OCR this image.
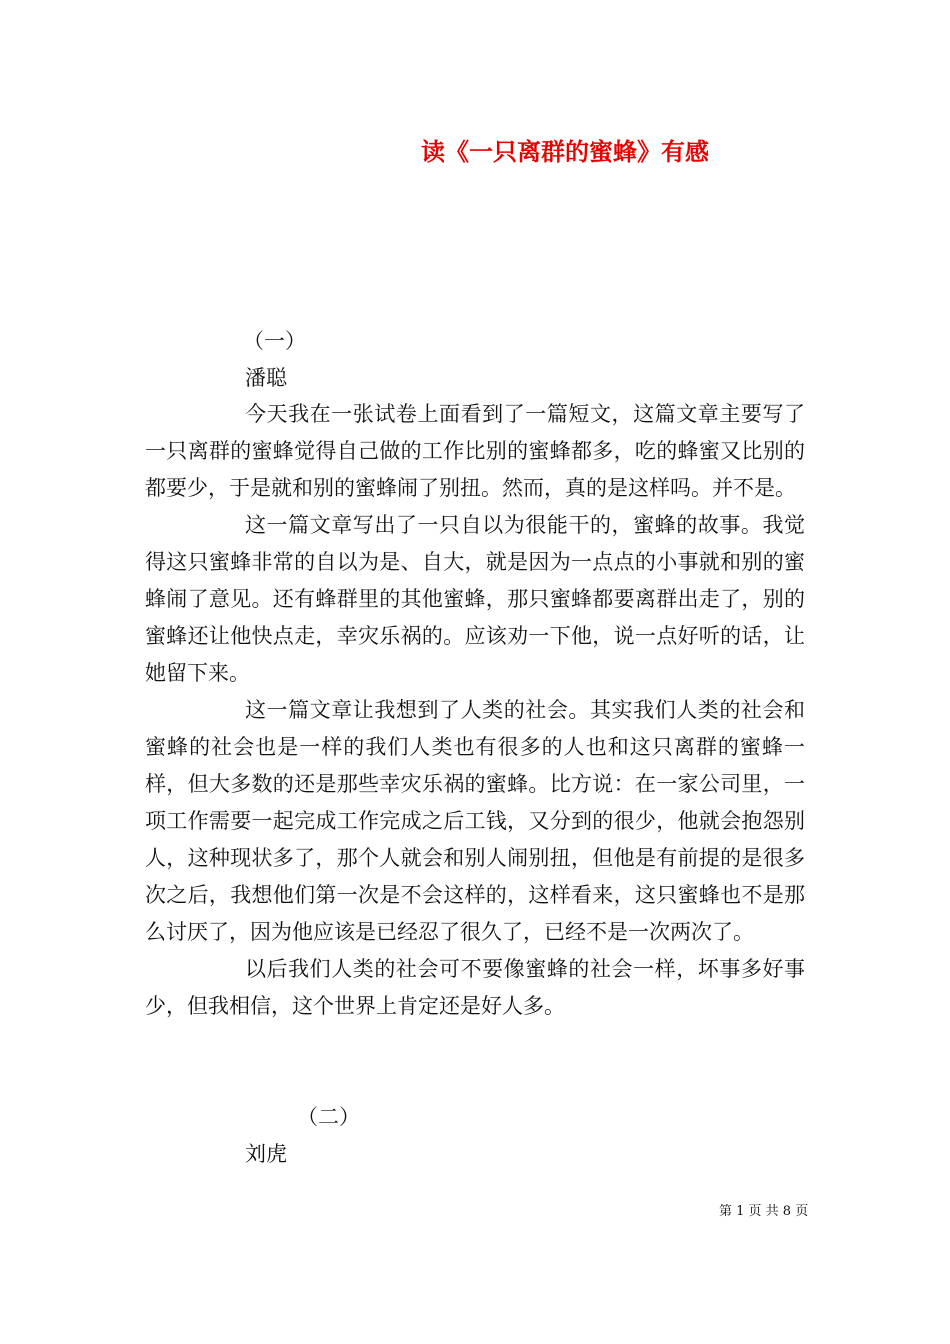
读《一只离群的蜜蜂》有感
（一）
潘聪

今天我在一张试卷上面看到了一篇短文，这篇文章主要写了一只离群的蜜蜂觉得自己做的工作比别的蜜蜂都多，吃的蜂蜜又比别的都要少，于是就和别的蜜蜂闹了别扭。然而，真的是这样吗。并不是。

这一篇文章写出了一只自以为很能干的，蜜蜂的故事。我觉得这只蜜蜂非常的自以为是、自大，就是因为一点点的小事就和别的蜜蜂闹了意见。还有蜂群里的其他蜜蜂，那只蜜蜂都要离群出走了，别的蜜蜂还让他快点走，幸灾乐祸的。应该劝一下他，说一点好听的话，让她留下来。

这一篇文章让我想到了人类的社会。其实我们人类的社会和蜜蜂的社会也是一样的我们人类也有很多的人也和这只离群的蜜蜂一样，但大多数的还是那些幸灾乐祸的蜜蜂。比方说：在一家公司里，一项工作需要一起完成工作完成之后工钱，又分到的很少，他就会抱怨别人，这种现状多了，那个人就会和别人闹别扭，但他是有前提的是很多次之后，我想他们第一次是不会这样的，这样看来，这只蜜蜂也不是那么讨厌了，因为他应该是已经忍了很久了，已经不是一次两次了。

以后我们人类的社会可不要像蜜蜂的社会一样，坏事多好事少，但我相信，这个世界上肯定还是好人多。

（二）
刘虎
第 1 页 共 8 页
